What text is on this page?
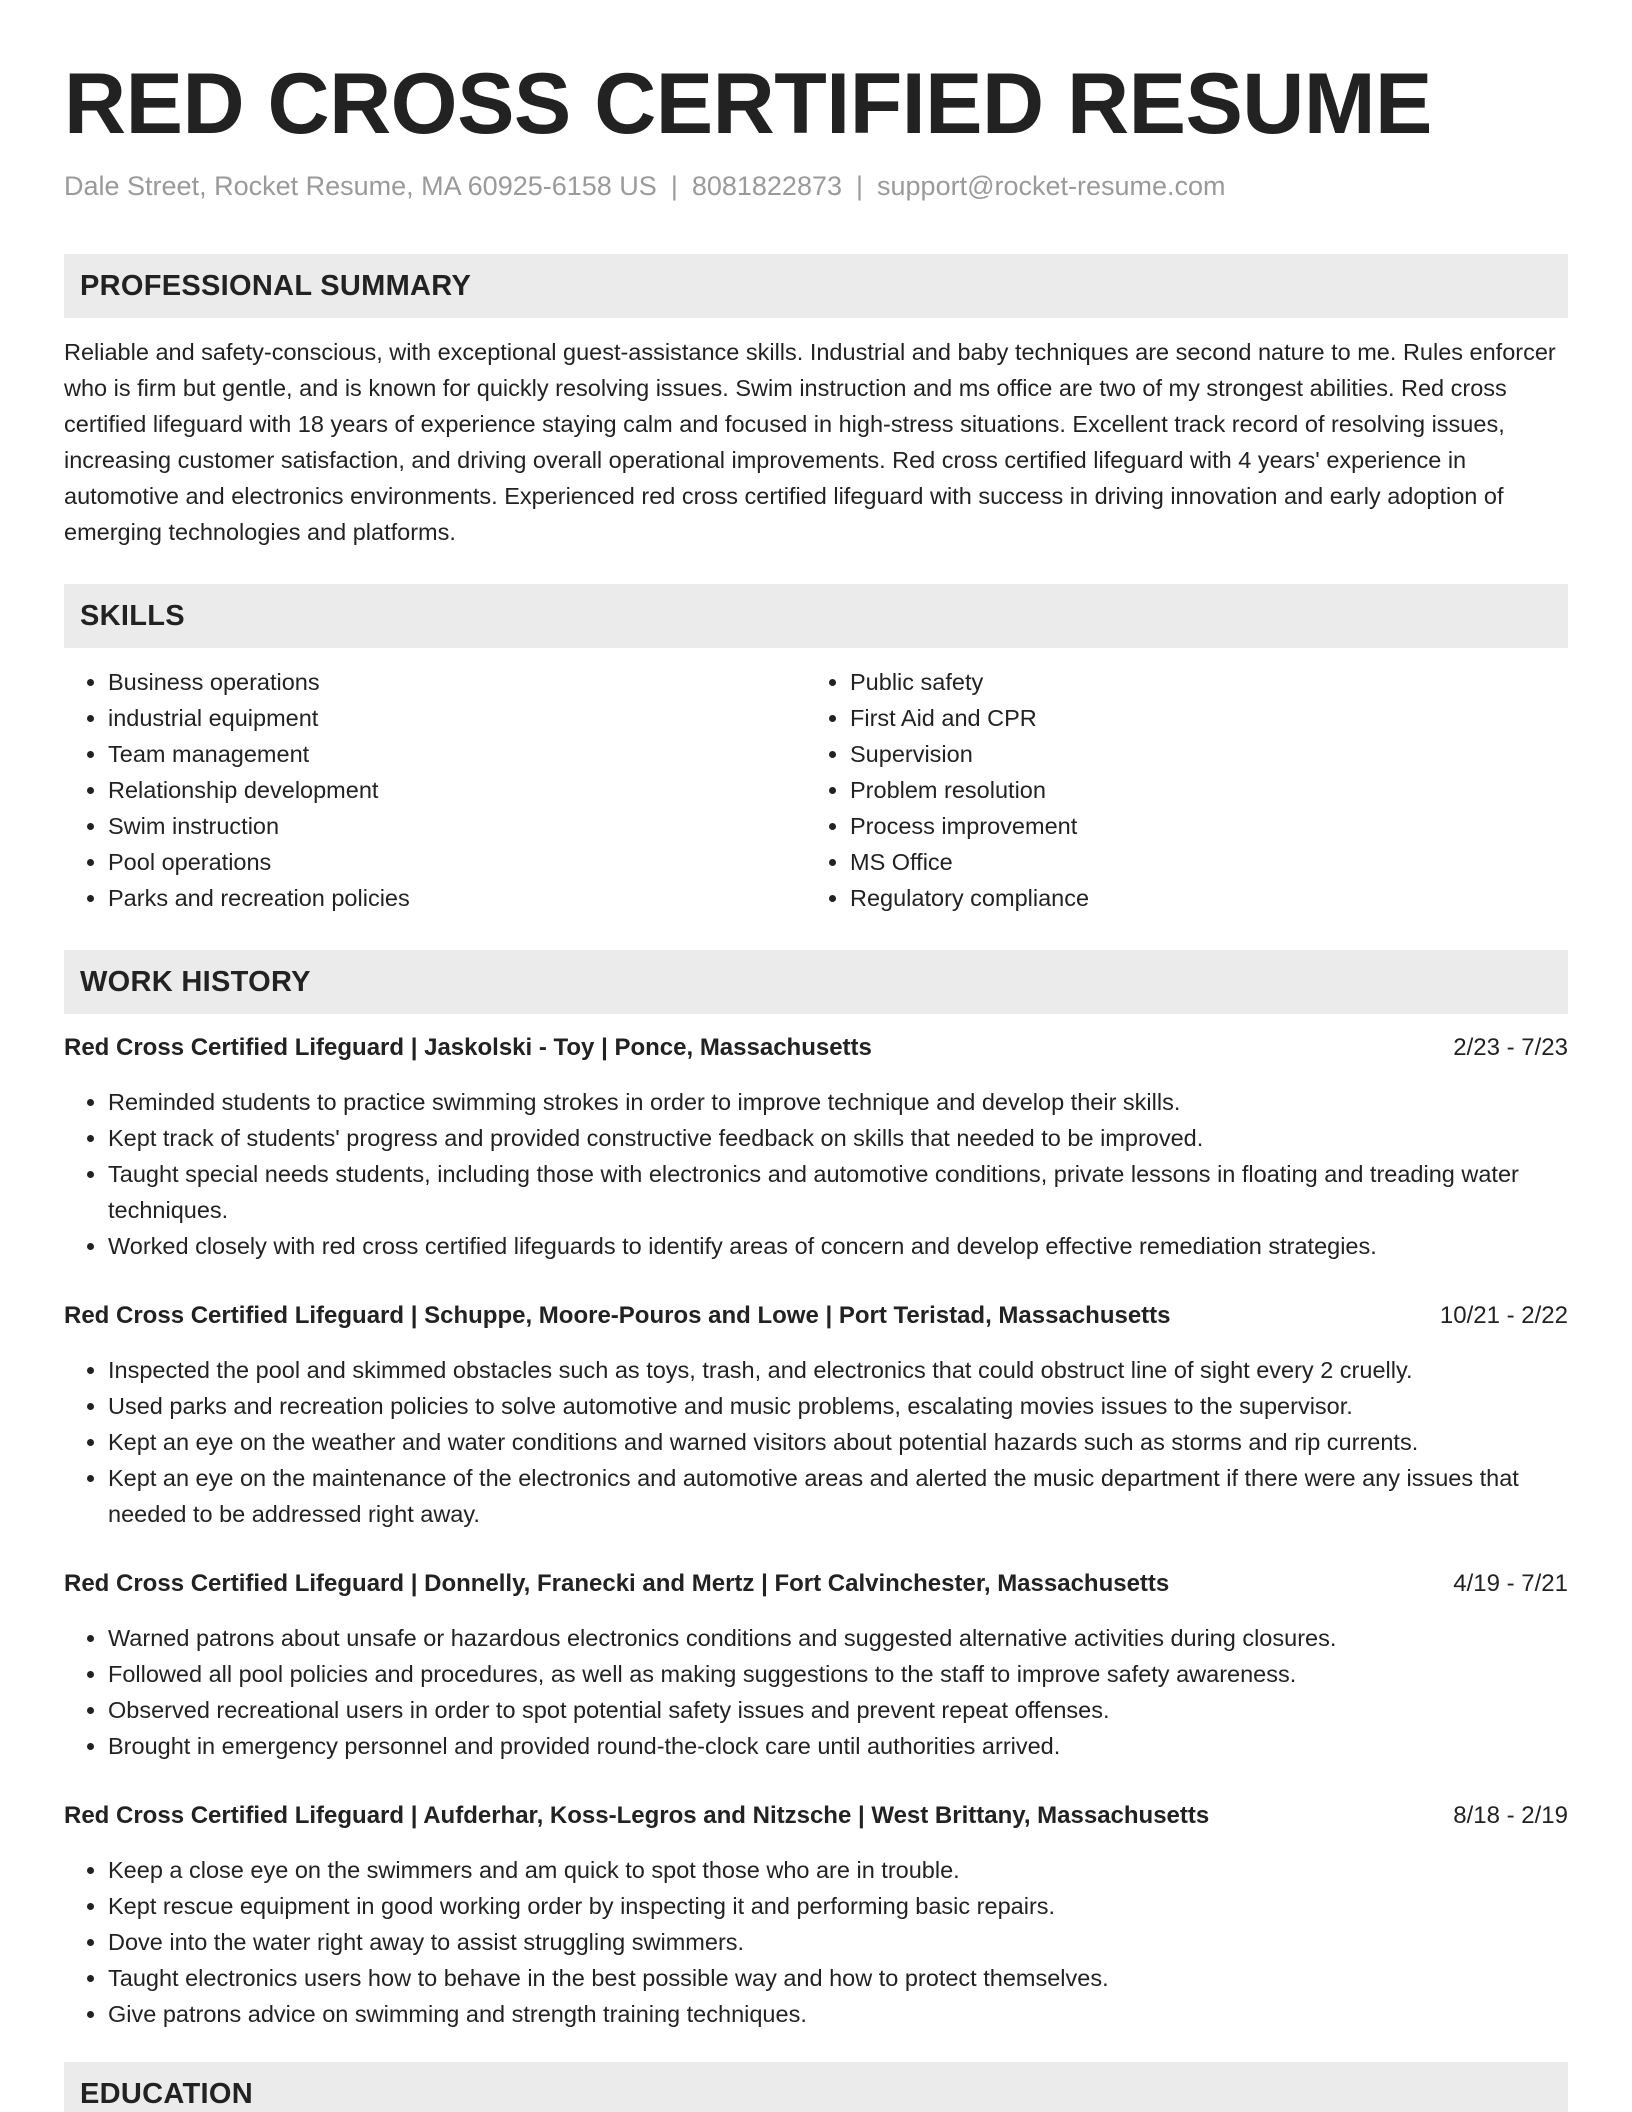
RED CROSS CERTIFIED RESUME
Dale Street, Rocket Resume, MA 60925-6158 US | 8081822873 | support@rocket-resume.com
PROFESSIONAL SUMMARY

Reliable and safety-conscious, with exceptional guest-assistance skills. Industrial and baby techniques are second nature to me. Rules enforcer who is firm but gentle, and is known for quickly resolving issues. Swim instruction and ms office are two of my strongest abilities. Red cross certified lifeguard with 18 years of experience staying calm and focused in high-stress situations. Excellent track record of resolving issues, increasing customer satisfaction, and driving overall operational improvements. Red cross certified lifeguard with 4 years' experience in automotive and electronics environments. Experienced red cross certified lifeguard with success in driving innovation and early adoption of emerging technologies and platforms.

SKILLS
• Business operations
• industrial equipment
• Team management
• Relationship development
• Swim instruction
• Pool operations
• Parks and recreation policies
• Public safety
• First Aid and CPR
• Supervision
• Problem resolution
• Process improvement
• MS Office
• Regulatory compliance
WORK HISTORY
Red Cross Certified Lifeguard | Jaskolski - Toy | Ponce, Massachusetts	2/23 - 7/23
• Reminded students to practice swimming strokes in order to improve technique and develop their skills.
• Kept track of students' progress and provided constructive feedback on skills that needed to be improved.
• Taught special needs students, including those with electronics and automotive conditions, private lessons in floating and treading water techniques.
• Worked closely with red cross certified lifeguards to identify areas of concern and develop effective remediation strategies.
Red Cross Certified Lifeguard | Schuppe, Moore-Pouros and Lowe | Port Teristad, Massachusetts	10/21 - 2/22
• Inspected the pool and skimmed obstacles such as toys, trash, and electronics that could obstruct line of sight every 2 cruelly.
• Used parks and recreation policies to solve automotive and music problems, escalating movies issues to the supervisor.
• Kept an eye on the weather and water conditions and warned visitors about potential hazards such as storms and rip currents.
• Kept an eye on the maintenance of the electronics and automotive areas and alerted the music department if there were any issues that needed to be addressed right away.
Red Cross Certified Lifeguard | Donnelly, Franecki and Mertz | Fort Calvinchester, Massachusetts	4/19 - 7/21
• Warned patrons about unsafe or hazardous electronics conditions and suggested alternative activities during closures.
• Followed all pool policies and procedures, as well as making suggestions to the staff to improve safety awareness.
• Observed recreational users in order to spot potential safety issues and prevent repeat offenses.
• Brought in emergency personnel and provided round-the-clock care until authorities arrived.
Red Cross Certified Lifeguard | Aufderhar, Koss-Legros and Nitzsche | West Brittany, Massachusetts	8/18 - 2/19
• Keep a close eye on the swimmers and am quick to spot those who are in trouble.
• Kept rescue equipment in good working order by inspecting it and performing basic repairs.
• Dove into the water right away to assist struggling swimmers.
• Taught electronics users how to behave in the best possible way and how to protect themselves.
• Give patrons advice on swimming and strength training techniques.
EDUCATION
